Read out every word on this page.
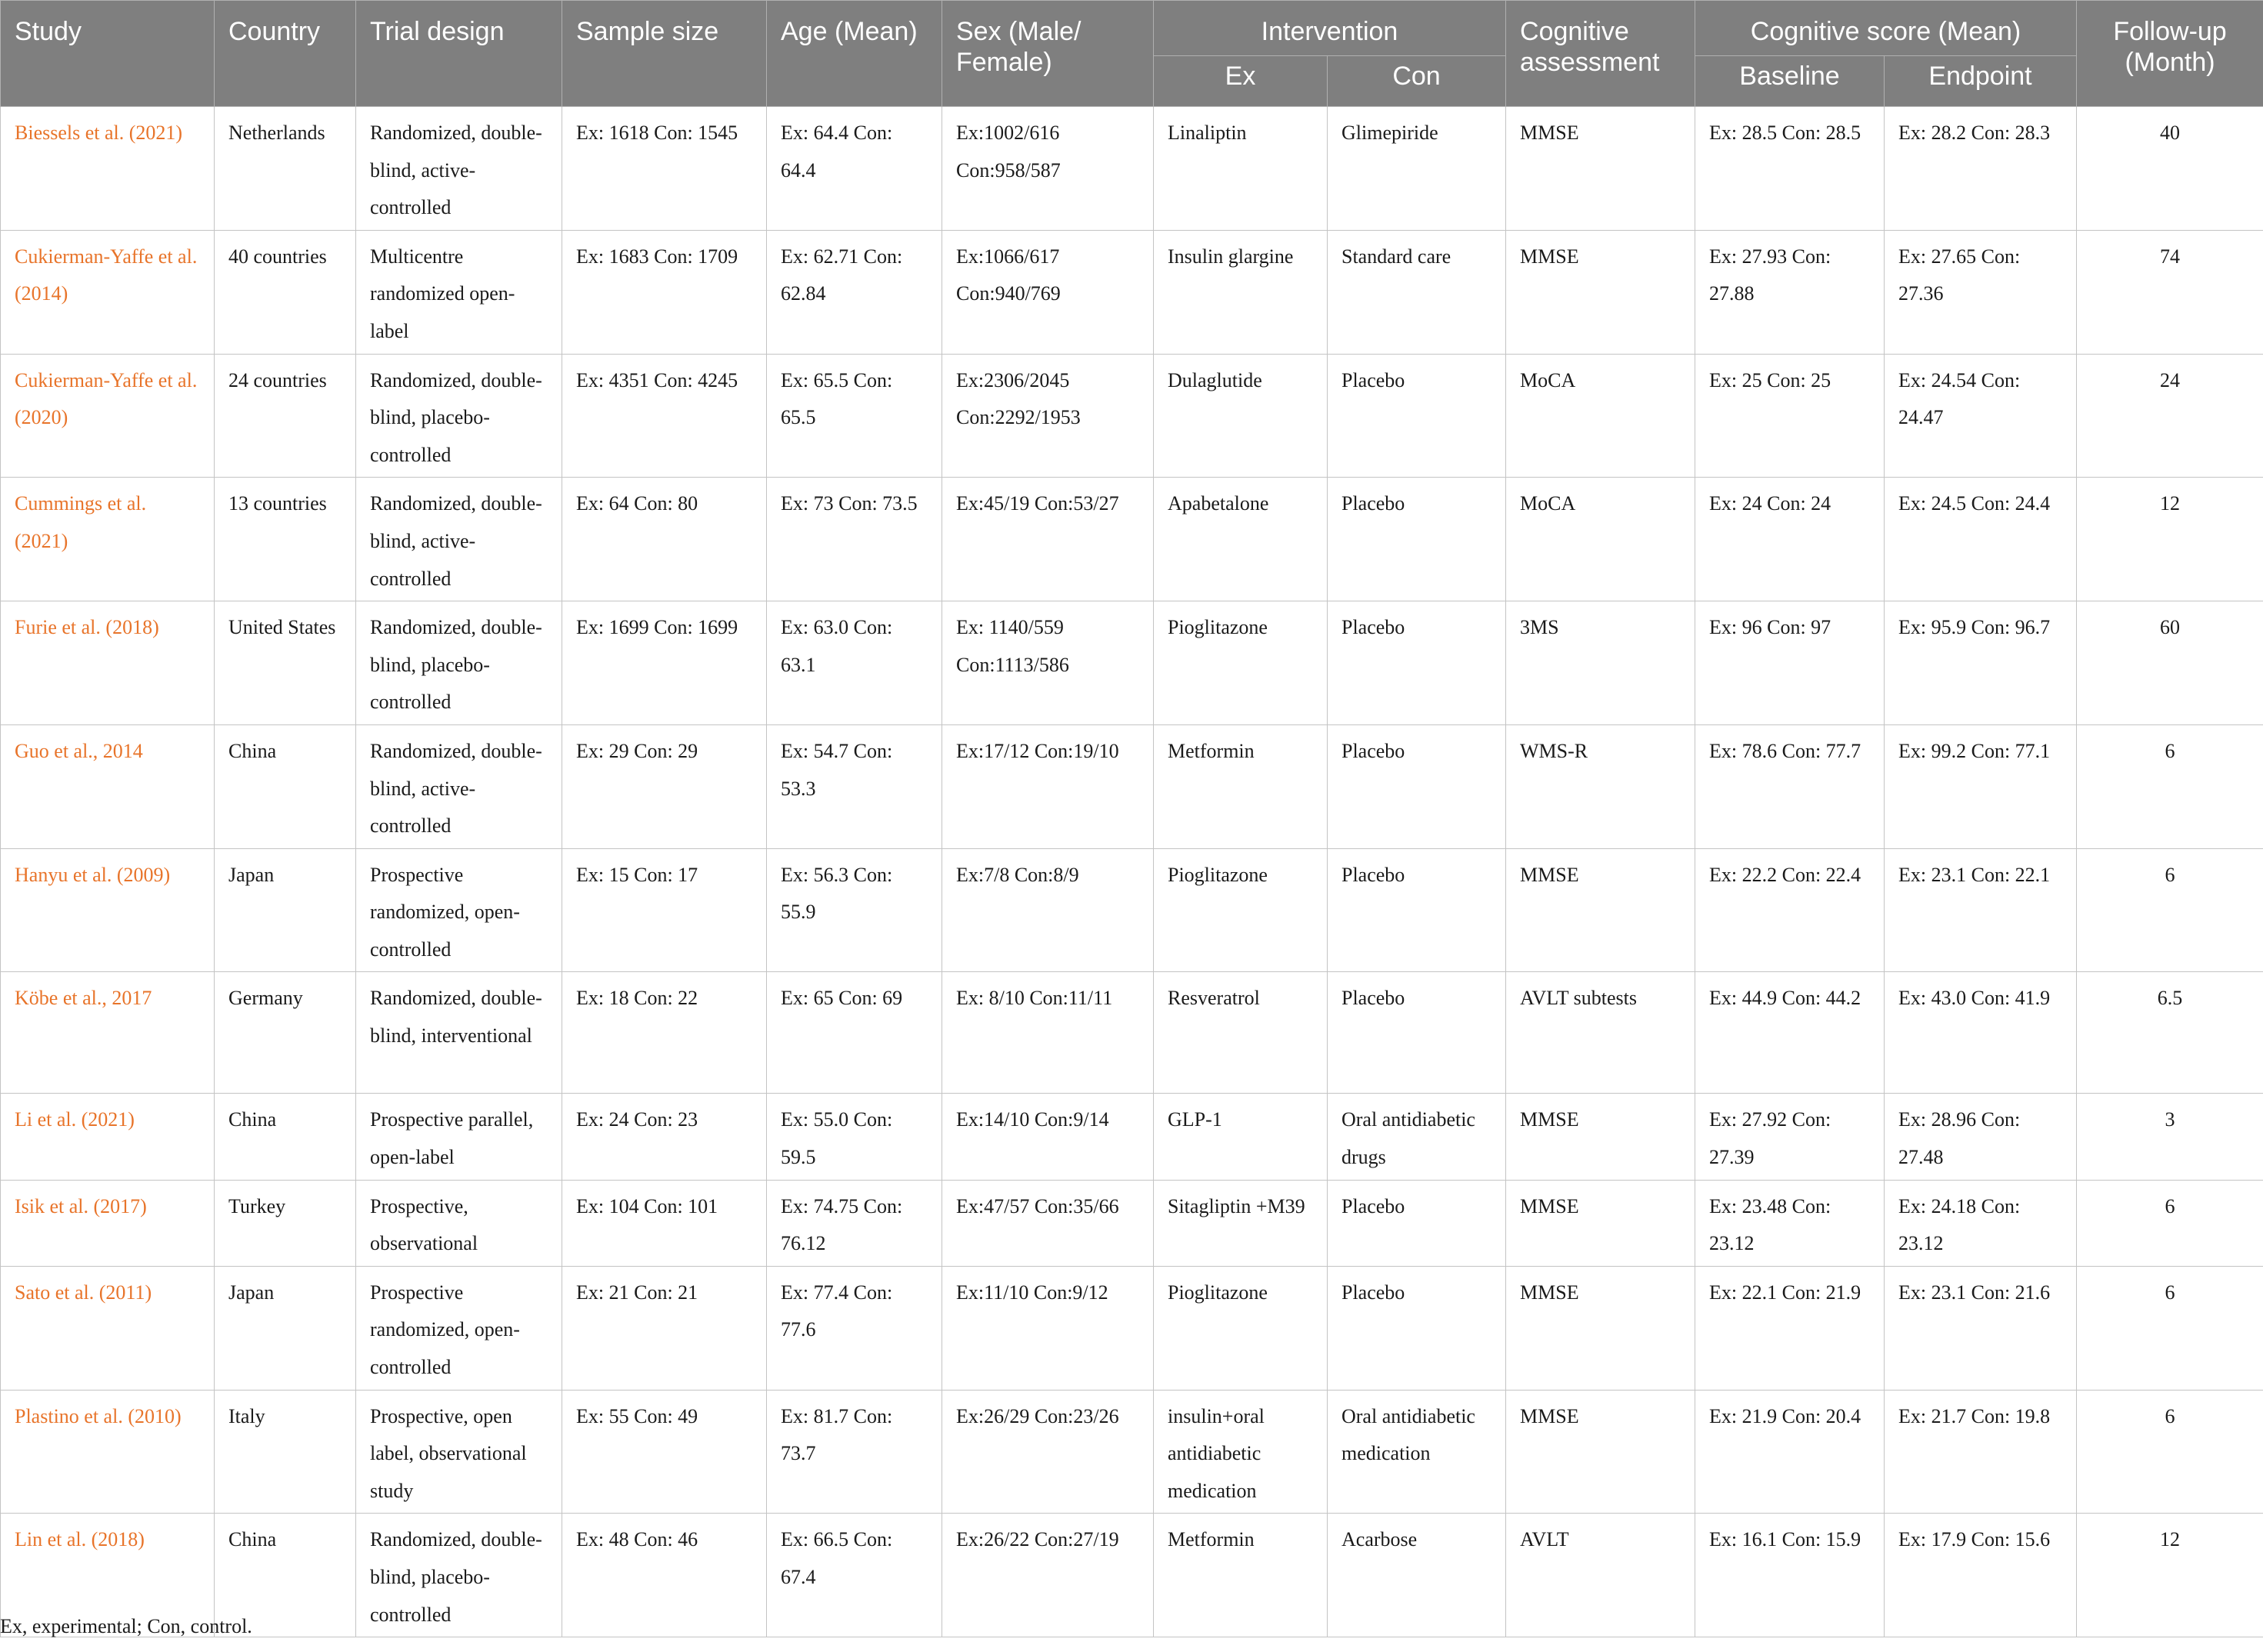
Study	Country	Trial design	Sample size	Age (Mean)	Sex (Male/ Female)	Intervention		Cognitive assessment	Cognitive score (Mean)		Follow-up (Month)
						Ex	Con		Baseline	Endpoint	
Biessels et al. (2021)	Netherlands	Randomized, double-blind, active-controlled	Ex: 1618 Con: 1545	Ex: 64.4 Con: 64.4	Ex:1002/616 Con:958/587	Linaliptin	Glimepiride	MMSE	Ex: 28.5 Con: 28.5	Ex: 28.2 Con: 28.3	40
Cukierman-Yaffe et al. (2014)	40 countries	Multicentre randomized open-label	Ex: 1683 Con: 1709	Ex: 62.71 Con: 62.84	Ex:1066/617 Con:940/769	Insulin glargine	Standard care	MMSE	Ex: 27.93 Con: 27.88	Ex: 27.65 Con: 27.36	74
Cukierman-Yaffe et al. (2020)	24 countries	Randomized, double-blind, placebo-controlled	Ex: 4351 Con: 4245	Ex: 65.5 Con: 65.5	Ex:2306/2045 Con:2292/1953	Dulaglutide	Placebo	MoCA	Ex: 25 Con: 25	Ex: 24.54 Con: 24.47	24
Cummings et al. (2021)	13 countries	Randomized, double-blind, active-controlled	Ex: 64 Con: 80	Ex: 73 Con: 73.5	Ex:45/19 Con:53/27	Apabetalone	Placebo	MoCA	Ex: 24 Con: 24	Ex: 24.5 Con: 24.4	12
Furie et al. (2018)	United States	Randomized, double-blind, placebo- controlled	Ex: 1699 Con: 1699	Ex: 63.0 Con: 63.1	Ex: 1140/559 Con:1113/586	Pioglitazone	Placebo	3MS	Ex: 96 Con: 97	Ex: 95.9 Con: 96.7	60
Guo et al., 2014	China	Randomized, double-blind, active-controlled	Ex: 29 Con: 29	Ex: 54.7 Con: 53.3	Ex:17/12 Con:19/10	Metformin	Placebo	WMS-R	Ex: 78.6 Con: 77.7	Ex: 99.2 Con: 77.1	6
Hanyu et al. (2009)	Japan	Prospective randomized, open-controlled	Ex: 15 Con: 17	Ex: 56.3 Con: 55.9	Ex:7/8 Con:8/9	Pioglitazone	Placebo	MMSE	Ex: 22.2 Con: 22.4	Ex: 23.1 Con: 22.1	6
Köbe et al., 2017	Germany	Randomized, double-blind, interventional	Ex: 18 Con: 22	Ex: 65 Con: 69	Ex: 8/10 Con:11/11	Resveratrol	Placebo	AVLT subtests	Ex: 44.9 Con: 44.2	Ex: 43.0 Con: 41.9	6.5
Li et al. (2021)	China	Prospective parallel, open-label	Ex: 24 Con: 23	Ex: 55.0 Con: 59.5	Ex:14/10 Con:9/14	GLP-1	Oral antidiabetic drugs	MMSE	Ex: 27.92 Con: 27.39	Ex: 28.96 Con: 27.48	3
Isik et al. (2017)	Turkey	Prospective, observational	Ex: 104 Con: 101	Ex: 74.75 Con: 76.12	Ex:47/57 Con:35/66	Sitagliptin +M39	Placebo	MMSE	Ex: 23.48 Con: 23.12	Ex: 24.18 Con: 23.12	6
Sato et al. (2011)	Japan	Prospective randomized, open-controlled	Ex: 21 Con: 21	Ex: 77.4 Con: 77.6	Ex:11/10 Con:9/12	Pioglitazone	Placebo	MMSE	Ex: 22.1 Con: 21.9	Ex: 23.1 Con: 21.6	6
Plastino et al. (2010)	Italy	Prospective, open label, observational study	Ex: 55 Con: 49	Ex: 81.7 Con: 73.7	Ex:26/29 Con:23/26	insulin+oral antidiabetic medication	Oral antidiabetic medication	MMSE	Ex: 21.9 Con: 20.4	Ex: 21.7 Con: 19.8	6
Lin et al. (2018)	China	Randomized, double-blind, placebo-controlled	Ex: 48 Con: 46	Ex: 66.5 Con: 67.4	Ex:26/22 Con:27/19	Metformin	Acarbose	AVLT	Ex: 16.1 Con: 15.9	Ex: 17.9 Con: 15.6	12
Ex, experimental; Con, control.
